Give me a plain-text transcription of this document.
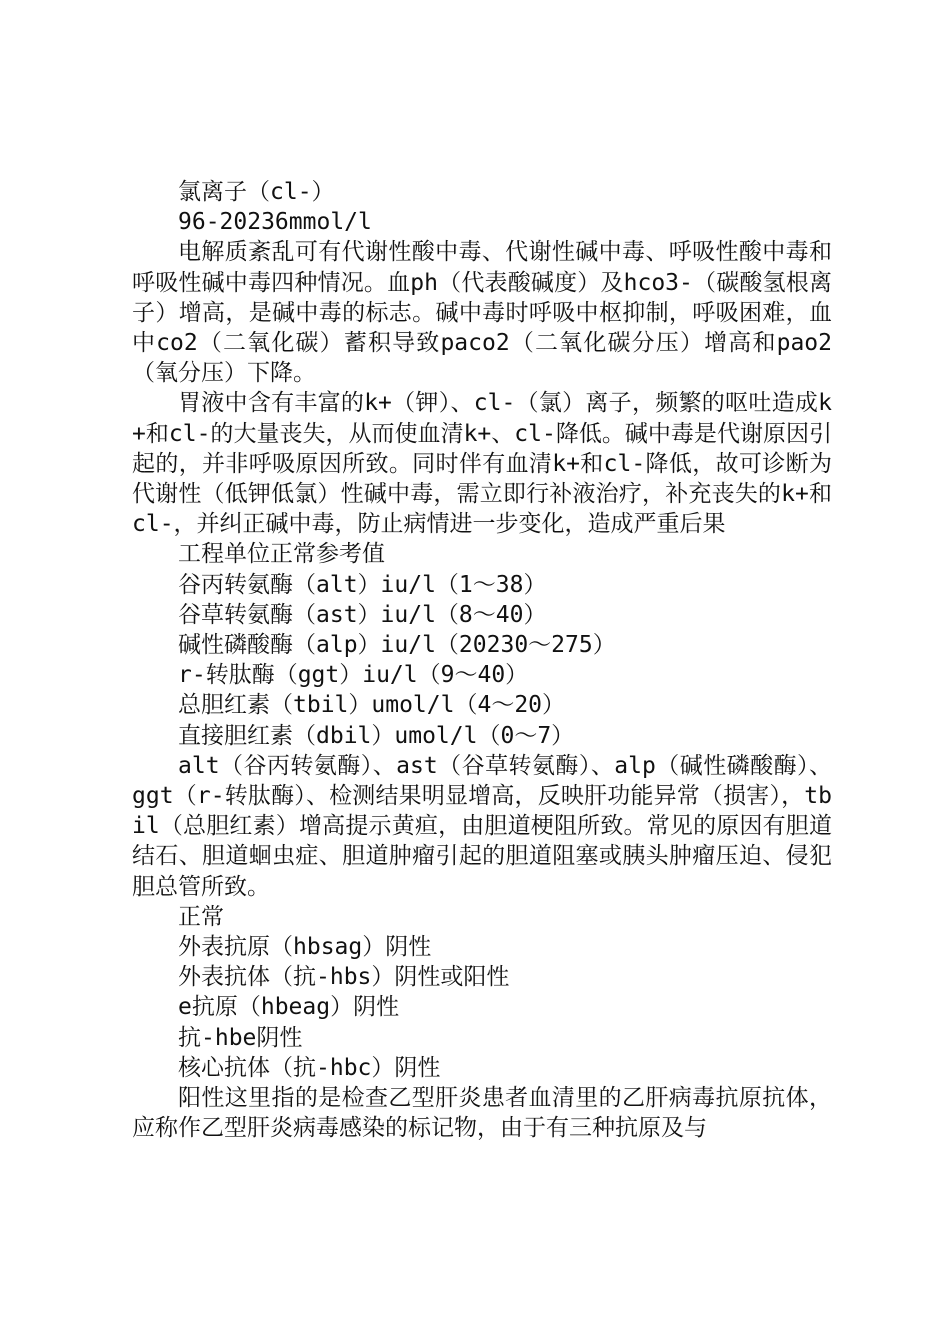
氯离子（cl-）

96-20236mmol/l

电解质紊乱可有代谢性酸中毒、代谢性碱中毒、呼吸性酸中毒和呼吸性碱中毒四种情况。血ph（代表酸碱度）及hco3-（碳酸氢根离子）增高，是碱中毒的标志。碱中毒时呼吸中枢抑制，呼吸困难，血中co2（二氧化碳）蓄积导致paco2（二氧化碳分压）增高和pao2（氧分压）下降。

胃液中含有丰富的k+（钾）、cl-（氯）离子，频繁的呕吐造成k+和cl-的大量丧失，从而使血清k+、cl-降低。碱中毒是代谢原因引起的，并非呼吸原因所致。同时伴有血清k+和cl-降低，故可诊断为代谢性（低钾低氯）性碱中毒，需立即行补液治疗，补充丧失的k+和cl-，并纠正碱中毒，防止病情进一步变化，造成严重后果

工程单位正常参考值

谷丙转氨酶（alt）iu/l（1～38）

谷草转氨酶（ast）iu/l（8～40）

碱性磷酸酶（alp）iu/l（20230～275）

r-转肽酶（ggt）iu/l（9～40）

总胆红素（tbil）umol/l（4～20）

直接胆红素（dbil）umol/l（0～7）

alt（谷丙转氨酶）、ast（谷草转氨酶）、alp（碱性磷酸酶）、ggt（r-转肽酶）、检测结果明显增高，反映肝功能异常（损害），tbil（总胆红素）增高提示黄疸，由胆道梗阻所致。常见的原因有胆道结石、胆道蛔虫症、胆道肿瘤引起的胆道阻塞或胰头肿瘤压迫、侵犯胆总管所致。

正常

外表抗原（hbsag）阴性

外表抗体（抗-hbs）阴性或阳性

e抗原（hbeag）阴性

抗-hbe阴性

核心抗体（抗-hbc）阴性

阳性这里指的是检查乙型肝炎患者血清里的乙肝病毒抗原抗体，应称作乙型肝炎病毒感染的标记物，由于有三种抗原及与
